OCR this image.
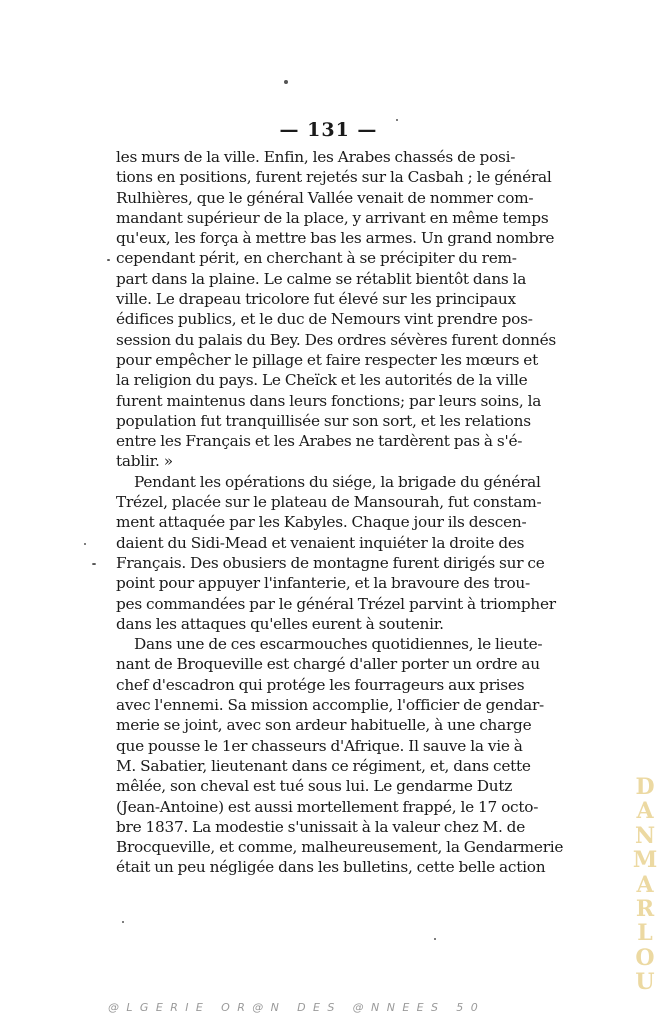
— 131 —
les murs de la ville. Enfin, les Arabes chassés de posi-
tions en positions, furent rejetés sur la Casbah ; le général
Rulhières, que le général Vallée venait de nommer com-
mandant supérieur de la place, y arrivant en même temps
qu'eux, les força à mettre bas les armes. Un grand nombre
cependant périt, en cherchant à se précipiter du rem-
part dans la plaine. Le calme se rétablit bientôt dans la
ville. Le drapeau tricolore fut élevé sur les principaux
édifices publics, et le duc de Nemours vint prendre pos-
session du palais du Bey. Des ordres sévères furent donnés
pour empêcher le pillage et faire respecter les mœurs et
la religion du pays. Le Cheïck et les autorités de la ville
furent maintenus dans leurs fonctions; par leurs soins, la
population fut tranquillisée sur son sort, et les relations
entre les Français et les Arabes ne tardèrent pas à s'é-
tablir. »
Pendant les opérations du siége, la brigade du général
Trézel, placée sur le plateau de Mansourah, fut constam-
ment attaquée par les Kabyles. Chaque jour ils descen-
daient du Sidi-Mead et venaient inquiéter la droite des
Français. Des obusiers de montagne furent dirigés sur ce
point pour appuyer l'infanterie, et la bravoure des trou-
pes commandées par le général Trézel parvint à triompher
dans les attaques qu'elles eurent à soutenir.
Dans une de ces escarmouches quotidiennes, le lieute-
nant de Broqueville est chargé d'aller porter un ordre au
chef d'escadron qui protége les fourrageurs aux prises
avec l'ennemi. Sa mission accomplie, l'officier de gendar-
merie se joint, avec son ardeur habituelle, à une charge
que pousse le 1er chasseurs d'Afrique. Il sauve la vie à
M. Sabatier, lieutenant dans ce régiment, et, dans cette
mêlée, son cheval est tué sous lui. Le gendarme Dutz
(Jean-Antoine) est aussi mortellement frappé, le 17 octo-
bre 1837. La modestie s'unissait à la valeur chez M. de
Brocqueville, et comme, malheureusement, la Gendarmerie
était un peu négligée dans les bulletins, cette belle action
@LGERIE OR@N DES @NNEES 50
D
A
N
M
A
R
L
O
U
